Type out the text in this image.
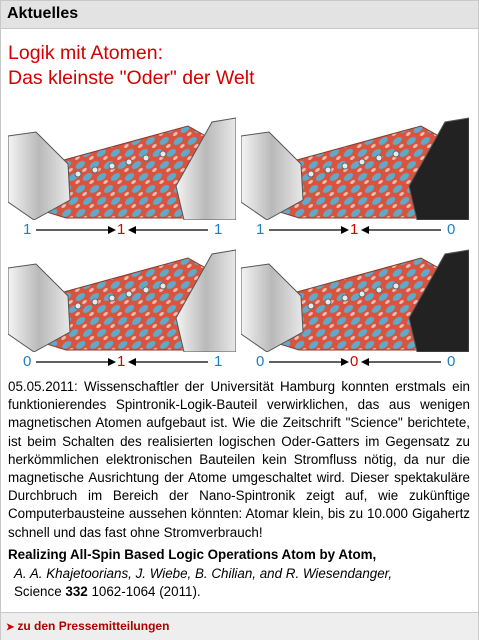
Aktuelles
Logik mit Atomen:
Das kleinste "Oder" der Welt
1	1	1 1	1	0
0	1	1 0	0	0
05.05.2011: Wissenschaftler der Universität Hamburg konnten erstmals ein funktionierendes Spintronik-Logik-Bauteil verwirklichen, das aus wenigen magnetischen Atomen aufgebaut ist. Wie die Zeitschrift "Science" berichtete, ist beim Schalten des realisierten logischen Oder-Gatters im Gegensatz zu herkömmlichen elektronischen Bauteilen kein Stromfluss nötig, da nur die magnetische Ausrichtung der Atome umgeschaltet wird. Dieser spektakuläre Durchbruch im Bereich der Nano-Spintronik zeigt auf, wie zukünftige Computerbausteine aussehen könnten: Atomar klein, bis zu 10.000 Gigahertz schnell und das fast ohne Stromverbrauch!
Realizing All-Spin Based Logic Operations Atom by Atom,
A. A. Khajetoorians, J. Wiebe, B. Chilian, and R. Wiesendanger,
Science 332 1062-1064 (2011).
➤ zu den Pressemitteilungen
